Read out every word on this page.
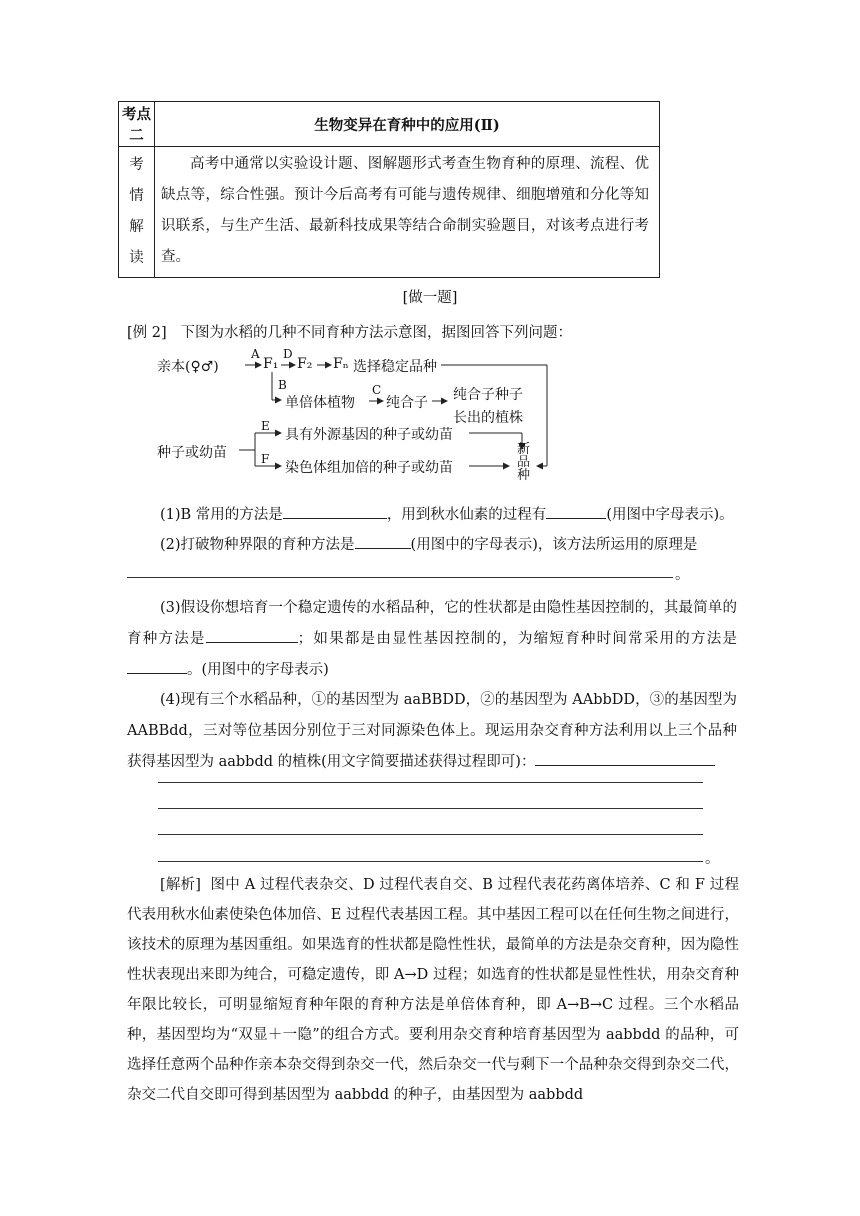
考点二	生物变异在育种中的应用(Ⅱ)

考
情
解
读	高考中通常以实验设计题、图解题形式考查生物育种的原理、流程、优缺点等，综合性强。预计今后高考有可能与遗传规律、细胞增殖和分化等知识联系，与生产生活、最新科技成果等结合命制实验题目，对该考点进行考查。
[做一题]
[例 2] 下图为水稻的几种不同育种方法示意图，据图回答下列问题：
亲本(♀♂)
A
F₁
D
F₂ Fₙ 选择稳定品种
B
单倍体植物
C
纯合子 纯合子种子
长出的植株
种子或幼苗
E
具有外源基因的种子或幼苗
F
染色体组加倍的种子或幼苗
新
品
种
(1)B 常用的方法是	，用到秋水仙素的过程有	(用图中字母表示)。
(2)打破物种界限的育种方法是	(用图中的字母表示)，该方法所运用的原理是
。
(3)假设你想培育一个稳定遗传的水稻品种，它的性状都是由隐性基因控制的，其最简单的育种方法是	；如果都是由显性基因控制的，为缩短育种时间常采用的方法是。(用图中的字母表示)
(4)现有三个水稻品种，①的基因型为 aaBBDD，②的基因型为 AAbbDD，③的基因型为 AABBdd，三对等位基因分别位于三对同源染色体上。现运用杂交育种方法利用以上三个品种获得基因型为 aabbdd 的植株(用文字简要描述获得过程即可)：
。
[解析] 图中 A 过程代表杂交、D 过程代表自交、B 过程代表花药离体培养、C 和 F 过程代表用秋水仙素使染色体加倍、E 过程代表基因工程。其中基因工程可以在任何生物之间进行，该技术的原理为基因重组。如果选育的性状都是隐性性状，最简单的方法是杂交育种，因为隐性性状表现出来即为纯合，可稳定遗传，即 A→D 过程；如选育的性状都是显性性状，用杂交育种年限比较长，可明显缩短育种年限的育种方法是单倍体育种，即 A→B→C 过程。三个水稻品种，基因型均为“双显＋一隐”的组合方式。要利用杂交育种培育基因型为 aabbdd 的品种，可选择任意两个品种作亲本杂交得到杂交一代，然后杂交一代与剩下一个品种杂交得到杂交二代，杂交二代自交即可得到基因型为 aabbdd 的种子，由基因型为 aabbdd
